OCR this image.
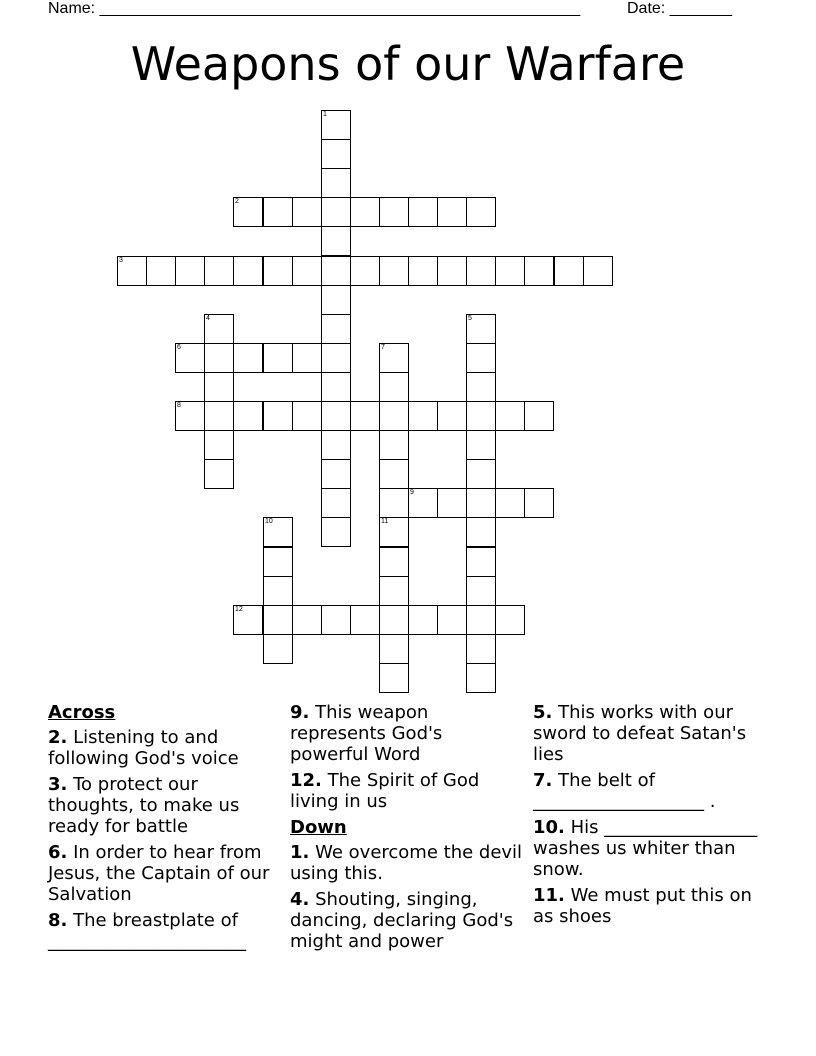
Name: ______________________________________________________	Date: _______
Weapons of our Warfare
1
2
3
4	5
6	7
8
9
10	11
12
Across
2. Listening to and following God's voice
3. To protect our thoughts, to make us ready for battle
6. In order to hear from Jesus, the Captain of our Salvation
8. The breastplate of ______________________
9. This weapon represents God's powerful Word
12. The Spirit of God living in us
Down
1. We overcome the devil using this.
4. Shouting, singing, dancing, declaring God's might and power
5. This works with our sword to defeat Satan's lies
7. The belt of ___________________ .
10. His _________________ washes us whiter than snow.
11. We must put this on as shoes
